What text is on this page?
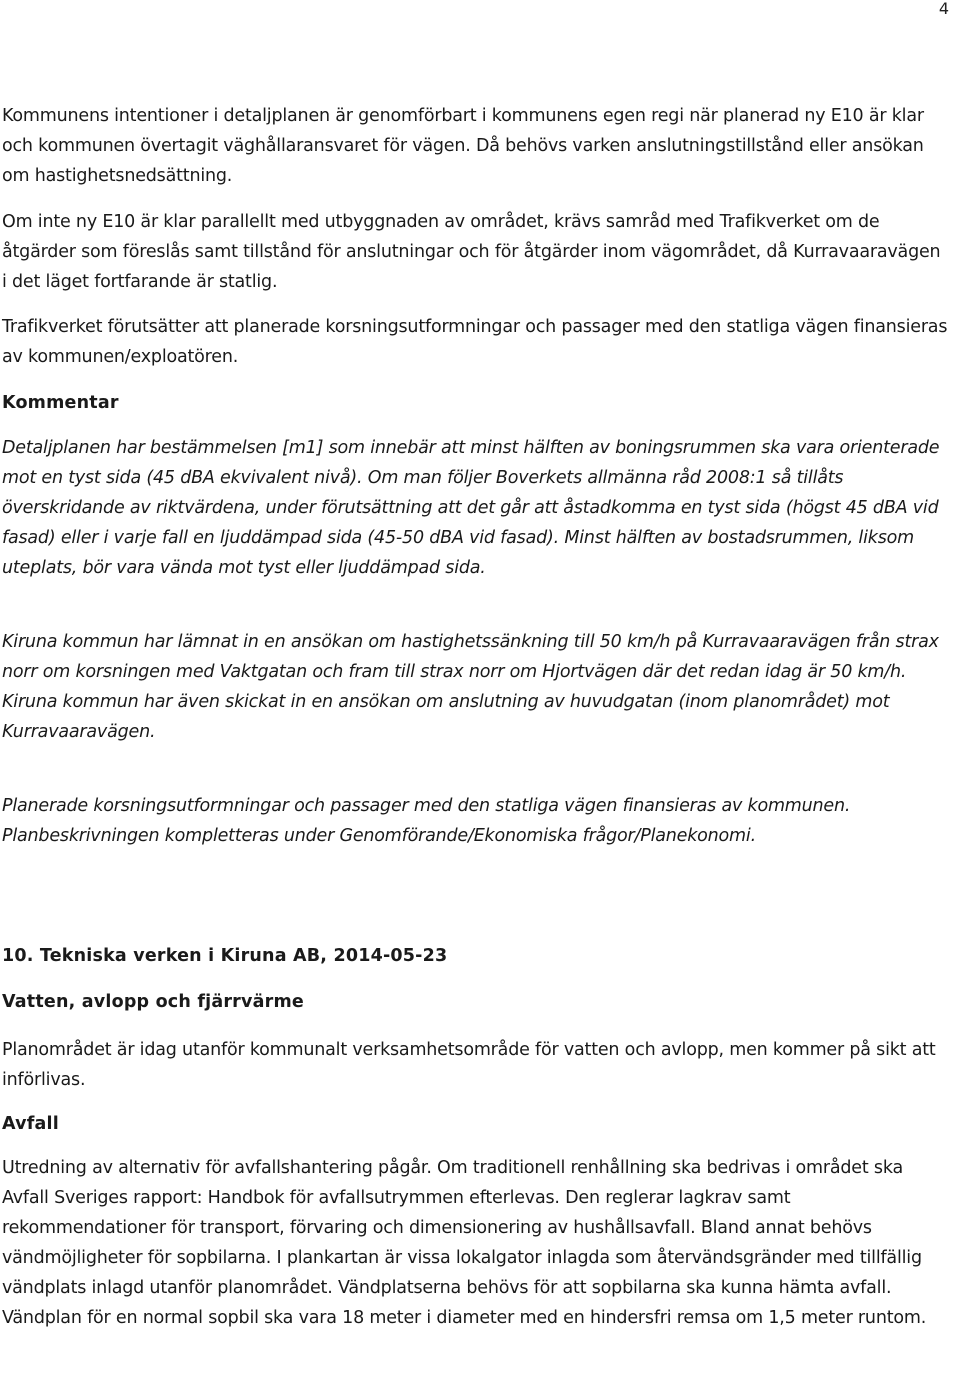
4

Kommunens intentioner i detaljplanen är genomförbart i kommunens egen regi när planerad ny E10 är klar och kommunen övertagit väghållaransvaret för vägen. Då behövs varken anslutningstillstånd eller ansökan om hastighetsnedsättning.

Om inte ny E10 är klar parallellt med utbyggnaden av området, krävs samråd med Trafikverket om de åtgärder som föreslås samt tillstånd för anslutningar och för åtgärder inom vägområdet, då Kurravaaravägen i det läget fortfarande är statlig.

Trafikverket förutsätter att planerade korsningsutformningar och passager med den statliga vägen finansieras av kommunen/exploatören.

Kommentar

Detaljplanen har bestämmelsen [m1] som innebär att minst hälften av boningsrummen ska vara orienterade mot en tyst sida (45 dBA ekvivalent nivå). Om man följer Boverkets allmänna råd 2008:1 så tillåts överskridande av riktvärdena, under förutsättning att det går att åstadkomma en tyst sida (högst 45 dBA vid fasad) eller i varje fall en ljuddämpad sida (45-50 dBA vid fasad). Minst hälften av bostadsrummen, liksom uteplats, bör vara vända mot tyst eller ljuddämpad sida.

Kiruna kommun har lämnat in en ansökan om hastighetssänkning till 50 km/h på Kurravaaravägen från strax norr om korsningen med Vaktgatan och fram till strax norr om Hjortvägen där det redan idag är 50 km/h. Kiruna kommun har även skickat in en ansökan om anslutning av huvudgatan (inom planområdet) mot Kurravaaravägen.

Planerade korsningsutformningar och passager med den statliga vägen finansieras av kommunen. Planbeskrivningen kompletteras under Genomförande/Ekonomiska frågor/Planekonomi.

10. Tekniska verken i Kiruna AB, 2014-05-23

Vatten, avlopp och fjärrvärme

Planområdet är idag utanför kommunalt verksamhetsområde för vatten och avlopp, men kommer på sikt att införlivas.

Avfall

Utredning av alternativ för avfallshantering pågår. Om traditionell renhållning ska bedrivas i området ska Avfall Sveriges rapport: Handbok för avfallsutrymmen efterlevas. Den reglerar lagkrav samt rekommendationer för transport, förvaring och dimensionering av hushållsavfall. Bland annat behövs vändmöjligheter för sopbilarna. I plankartan är vissa lokalgator inlagda som återvändsgränder med tillfällig vändplats inlagd utanför planområdet. Vändplatserna behövs för att sopbilarna ska kunna hämta avfall. Vändplan för en normal sopbil ska vara 18 meter i diameter med en hindersfri remsa om 1,5 meter runtom.
